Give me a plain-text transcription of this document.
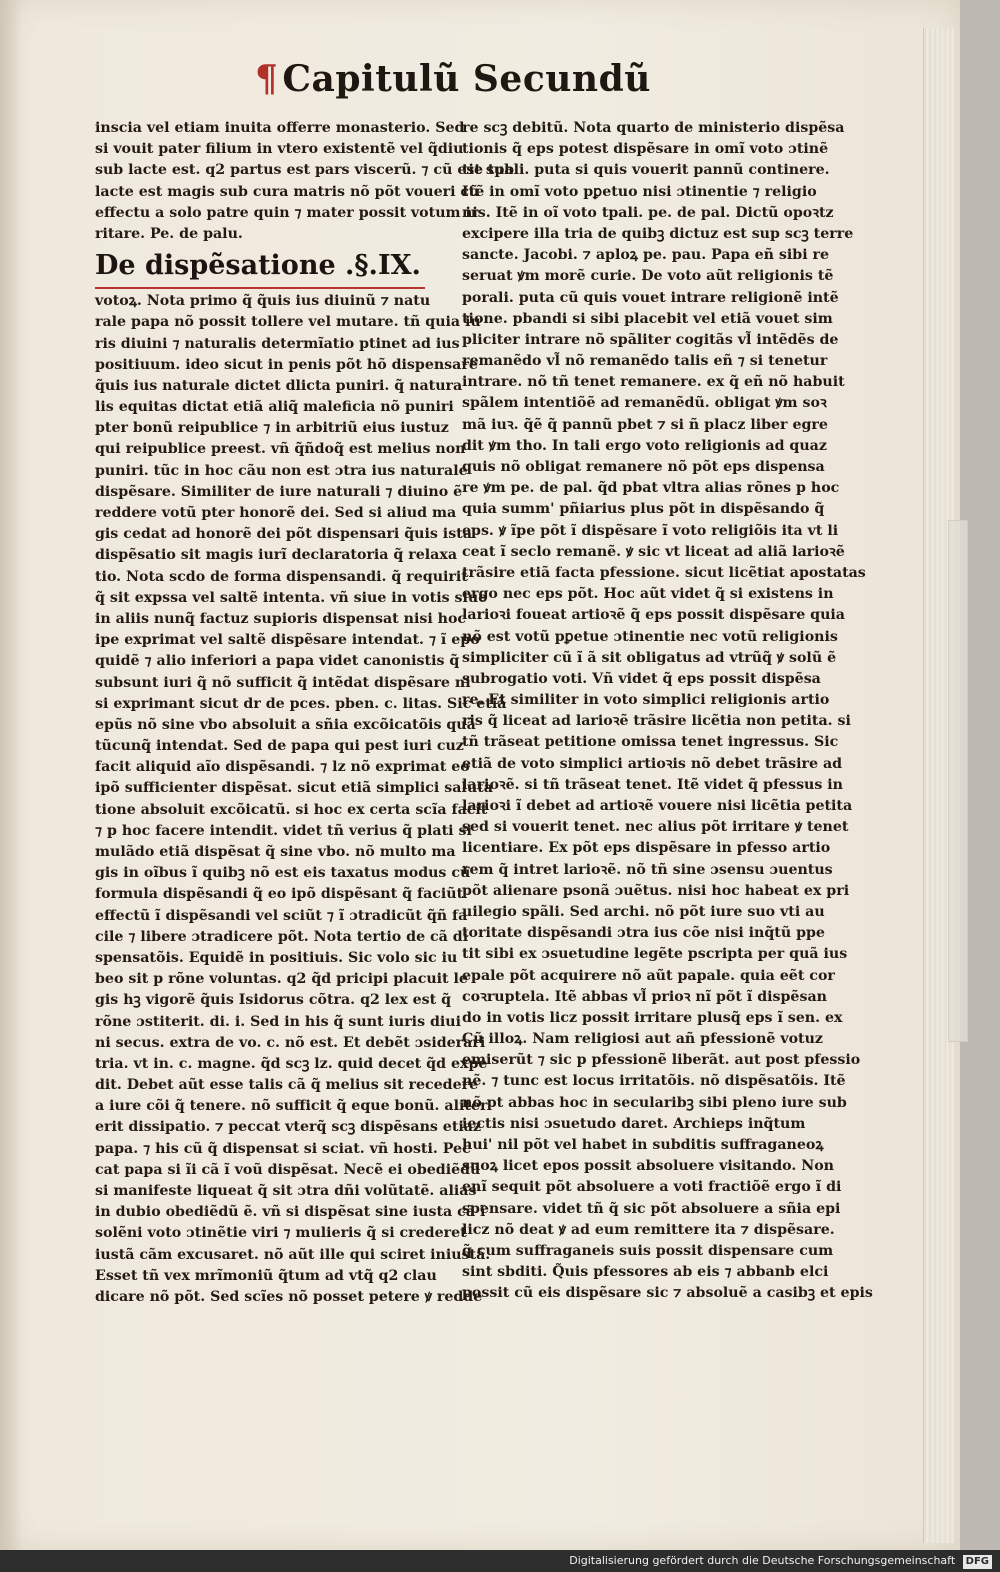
¶ Capitulũ Secundũ
inscia vel etiam inuita offerre monasterio. Sed
si vouit pater filium in vtero existentẽ vel q̃diu
sub lacte est. q2 partus est pars viscerũ. ⁊ cũ est sub
lacte est magis sub cura matris nõ põt voueri cũ
effectu a solo patre quin ⁊ mater possit votum ir
ritare. Pe. de palu.
De dispẽsatione .§.IX.
votoꝝ. Nota primo q̃ q̃uis ius diuinũ ⁊ natu
rale papa nõ possit tollere vel mutare. tñ quia iu
ris diuini ⁊ naturalis determĩatio ptinet ad ius
positiuum. ideo sicut in penis põt hõ dispensare
q̃uis ius naturale dictet dlicta puniri. q̃ natura
lis equitas dictat etiã aliq̃ maleficia nõ puniri
pter bonũ reipublice ⁊ in arbitriũ eius iustuz
qui reipublice preest. vñ q̃ñdoq̃ est melius non
puniri. tũc in hoc cãu non est ɔtra ius naturale
dispẽsare. Similiter de iure naturali ⁊ diuino ẽ
reddere votũ pter honorẽ dei. Sed si aliud ma
gis cedat ad honorẽ dei põt dispensari q̃uis ista
dispẽsatio sit magis iurĩ declaratoria q̃ relaxa
tio. Nota scdo de forma dispensandi. q̃ requirit
q̃ sit expssa vel saltẽ intenta. vñ siue in votis siue
in aliis nunq̃ factuz supioris dispensat nisi hoc
ipe exprimat vel saltẽ dispẽsare intendat. ⁊ ĩ epo
quidẽ ⁊ alio inferiori a papa videt canonistis q̃
subsunt iuri q̃ nõ sufficit q̃ intẽdat dispẽsare ni
si exprimant sicut dr de pces. pben. c. litas. Sic etiã
epũs nõ sine vbo absoluit a sñia excõicatõis quã
tũcunq̃ intendat. Sed de papa qui pest iuri cuz
facit aliquid aĩo dispẽsandi. ⁊ lz nõ exprimat eo
ipõ sufficienter dispẽsat. sicut etiã simplici saluta
tione absoluit excõicatũ. si hoc ex certa scĩa facit
⁊ p hoc facere intendit. videt tñ verius q̃ plati si
mulãdo etiã dispẽsat q̃ sine vbo. nõ multo ma
gis in oĩbus ĩ quibꝫ nõ est eis taxatus modus cũ
formula dispẽsandi q̃ eo ipõ dispẽsant q̃ faciũt
effectũ ĩ dispẽsandi vel sciũt ⁊ ĩ ɔtradicũt q̃ñ fa
cile ⁊ libere ɔtradicere põt. Nota tertio de cã di
spensatõis. Equidẽ in positiuis. Sic volo sic iu
beo sit p rõne voluntas. q2 q̃d pricipi placuit le
gis hꝫ vigorẽ q̃uis Isidorus cõtra. q2 lex est q̃
rõne ɔstiterit. di. i. Sed in his q̃ sunt iuris diui
ni secus. extra de vo. c. nõ est. Et debẽt ɔsiderari
tria. vt in. c. magne. q̃d scꝫ lz. quid decet q̃d expe
dit. Debet aũt esse talis cã q̃ melius sit recedere
a iure cõi q̃ tenere. nõ sufficit q̃ eque bonũ. aliter
erit dissipatio. ⁊ peccat vterq̃ scꝫ dispẽsans etiaz
papa. ⁊ his cũ q̃ dispensat si sciat. vñ hosti. Pec
cat papa si ĩi cã ĩ voũ dispẽsat. Necẽ ei obediẽdũ
si manifeste liqueat q̃ sit ɔtra dñi volũtatẽ. alias
in dubio obediẽdũ ẽ. vñ si dispẽsat sine iusta cã ĩ
solẽni voto ɔtinẽtie viri ⁊ mulieris q̃ si crederet
iustã cãm excusaret. nõ aũt ille qui sciret iniustã.
Esset tñ vex mrĩmoniũ q̃tum ad vtq̃ q2 clau
dicare nõ põt. Sed scĩes nõ posset petere ꝟ redde
re scꝫ debitũ. Nota quarto de ministerio dispẽsa
tionis q̃ eps potest dispẽsare in omĩ voto ɔtinẽ
tie tpali. puta si quis vouerit pannũ continere.
Itẽ in omĩ voto pꝑetuo nisi ɔtinentie ⁊ religio
nis. Itẽ in oĩ voto tpali. pe. de pal. Dictũ opoꝛtz
excipere illa tria de quibꝫ dictuz est sup scꝫ terre
sancte. Jacobi. ⁊ aploꝝ pe. pau. Papa eñ sibi re
seruat ꝟm morẽ curie. De voto aũt religionis tẽ
porali. puta cũ quis vouet intrare religionẽ intẽ
tione. pbandi si sibi placebit vel etiã vouet sim
pliciter intrare nõ spãliter cogitãs vl̃ intẽdẽs de
remanẽdo vl̃ nõ remanẽdo talis eñ ⁊ si tenetur
intrare. nõ tñ tenet remanere. ex q̃ eñ nõ habuit
spãlem intentiõẽ ad remanẽdũ. obligat ꝟm soꝛ
mã iuꝛ. q̃ẽ q̃ pannũ pbet ⁊ si ñ placz liber egre
dit ꝟm tho. In tali ergo voto religionis ad quaz
quis nõ obligat remanere nõ põt eps dispensa
re ꝟm pe. de pal. q̃d pbat vltra alias rõnes p hoc
quia summ' pñiarius plus põt in dispẽsando q̃
eps. ꝟ ĩpe põt ĩ dispẽsare ĩ voto religiõis ita vt li
ceat ĩ seclo remanẽ. ꝟ sic vt liceat ad aliã larioꝛẽ
trãsire etiã facta pfessione. sicut licẽtiat apostatas
ergo nec eps põt. Hoc aũt videt q̃ si existens in
larioꝛi foueat artioꝛẽ q̃ eps possit dispẽsare quia
nõ est votũ pꝑetue ɔtinentie nec votũ religionis
simpliciter cũ ĩ ã sit obligatus ad vtrũq̃ ꝟ solũ ẽ
subrogatio voti. Vñ videt q̃ eps possit dispẽsa
re. Et similiter in voto simplici religionis artio
ris q̃ liceat ad larioꝛẽ trãsire licẽtia non petita. si
tñ trãseat petitione omissa tenet ingressus. Sic
etiã de voto simplici artioꝛis nõ debet trãsire ad
larioꝛẽ. si tñ trãseat tenet. Itẽ videt q̃ pfessus in
larioꝛi ĩ debet ad artioꝛẽ vouere nisi licẽtia petita
sed si vouerit tenet. nec alius põt irritare ꝟ tenet
licentiare. Ex põt eps dispẽsare in pfesso artio
rem q̃ intret larioꝛẽ. nõ tñ sine ɔsensu ɔuentus
põt alienare psonã ɔuẽtus. nisi hoc habeat ex pri
uilegio spãli. Sed archi. nõ põt iure suo vti au
toritate dispẽsandi ɔtra ius cõe nisi inq̃tũ ppe
tit sibi ex ɔsuetudine legẽte pscripta per quã ius
epale põt acquirere nõ aũt papale. quia eẽt cor
coꝛruptela. Itẽ abbas vl̃ prioꝛ nĩ põt ĩ dispẽsan
do in votis licz possit irritare plusq̃ eps ĩ sen. ex
Cũ illoꝝ. Nam religiosi aut añ pfessionẽ votuz
emiserũt ⁊ sic p pfessionẽ liberãt. aut post pfessio
nẽ. ⁊ tunc est locus irritatõis. nõ dispẽsatõis. Itẽ
nõ pt abbas hoc in secularibꝫ sibi pleno iure sub
iectis nisi ɔsuetudo daret. Archieps inq̃tum
hui' nil põt vel habet in subditis suffraganeoꝝ
suoꝝ licet epos possit absoluere visitando. Non
enĩ sequit põt absoluere a voti fractiõẽ ergo ĩ di
spensare. videt tñ q̃ sic põt absoluere a sñia epi
licz nõ deat ꝟ ad eum remittere ita ⁊ dispẽsare.
q̃ cum suffraganeis suis possit dispensare cum
sint sbditi. Q̃uis pfessores ab eis ⁊ abbanb elci
possit cũ eis dispẽsare sic ⁊ absoluẽ a casibꝫ et epis
Digitalisierung gefördert durch die Deutsche Forschungsgemeinschaft DFG
